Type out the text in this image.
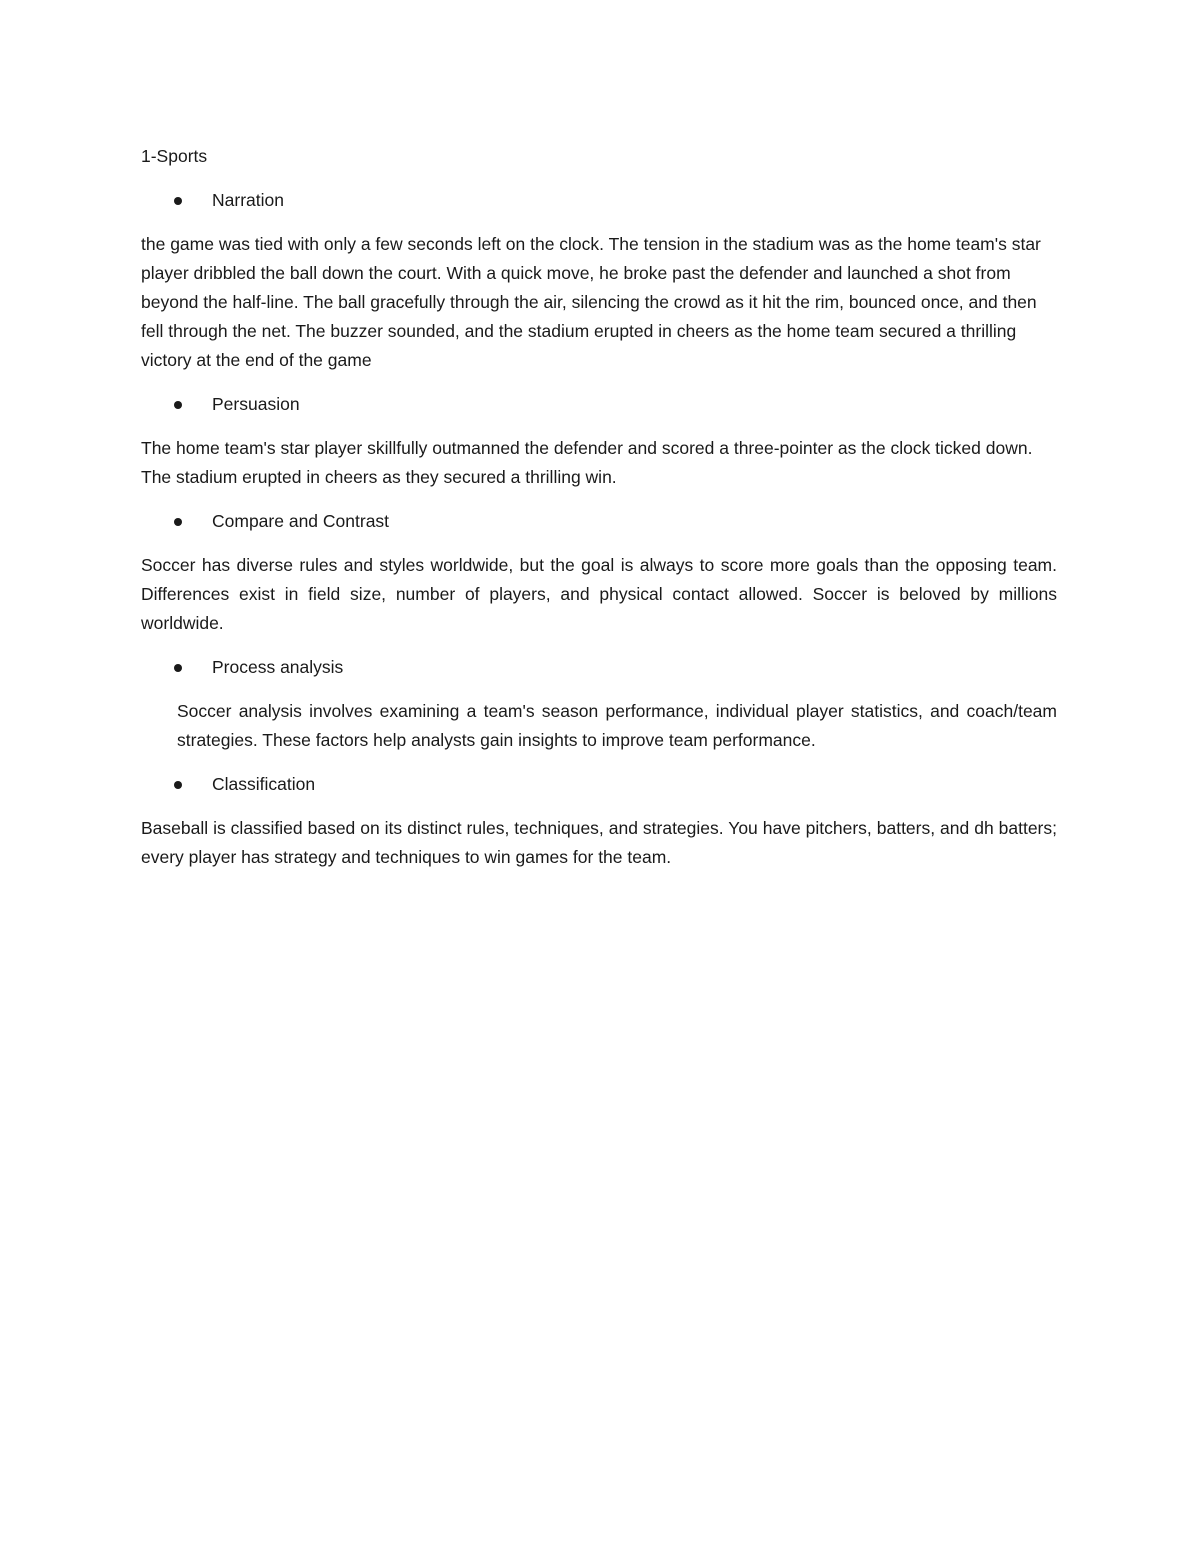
1-Sports

Narration

the game was tied with only a few seconds left on the clock. The tension in the stadium was as the home team's star player dribbled the ball down the court. With a quick move, he broke past the defender and launched a shot from beyond the half-line. The ball gracefully through the air, silencing the crowd as it hit the rim, bounced once, and then fell through the net. The buzzer sounded, and the stadium erupted in cheers as the home team secured a thrilling victory at the end of the game

Persuasion

The home team's star player skillfully outmanned the defender and scored a three-pointer as the clock ticked down. The stadium erupted in cheers as they secured a thrilling win.

Compare and Contrast

Soccer has diverse rules and styles worldwide, but the goal is always to score more goals than the opposing team. Differences exist in field size, number of players, and physical contact allowed. Soccer is beloved by millions worldwide.

Process analysis

Soccer analysis involves examining a team's season performance, individual player statistics, and coach/team strategies. These factors help analysts gain insights to improve team performance.

Classification

Baseball is classified based on its distinct rules, techniques, and strategies. You have pitchers, batters, and dh batters; every player has strategy and techniques to win games for the team.
